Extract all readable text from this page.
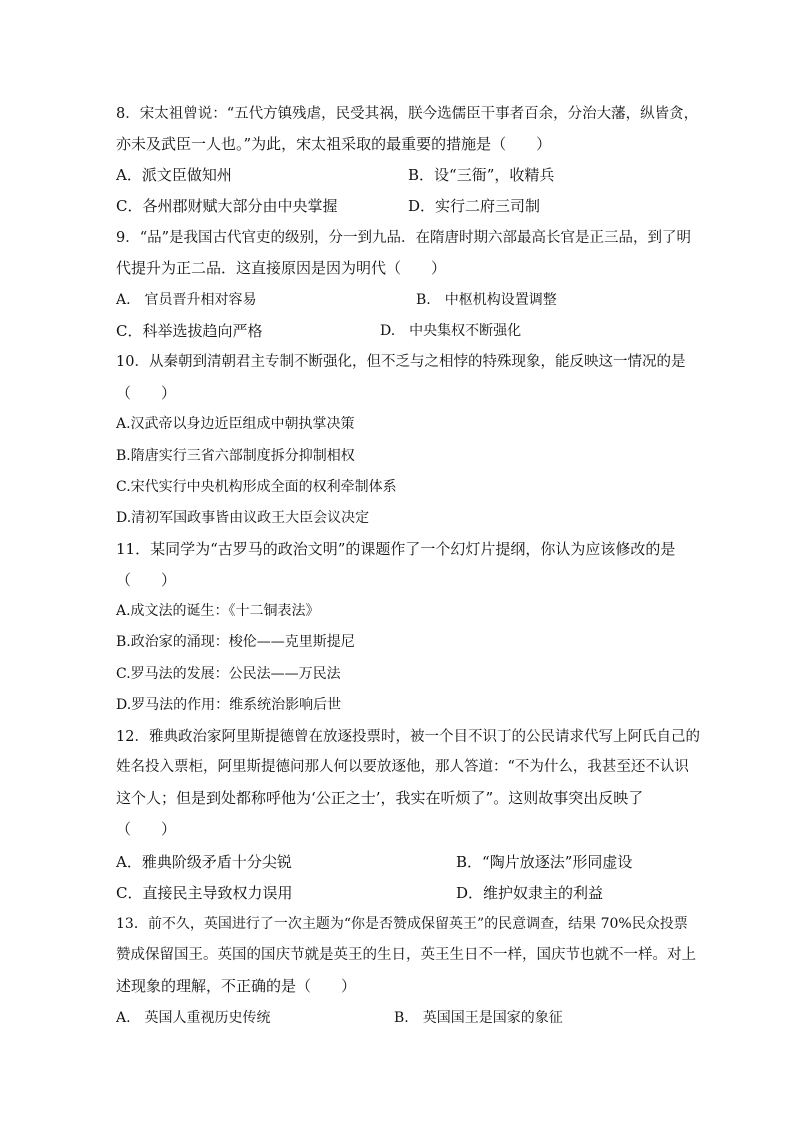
8．宋太祖曾说：“五代方镇残虐，民受其祸，朕今选儒臣干事者百余，分治大藩，纵皆贪，
亦未及武臣一人也。”为此，宋太祖采取的最重要的措施是（　　）
A．派文臣做知州	B．设“三衙”，收精兵
C．各州郡财赋大部分由中央掌握	D．实行二府三司制
9．“品”是我国古代官吏的级别，分一到九品．在隋唐时期六部最高长官是正三品，到了明
代提升为正二品．这直接原因是因为明代（　　）
A.　官员晋升相对容易	B.　中枢机构设置调整
C．科举选拔趋向严格	D.　中央集权不断强化
10．从秦朝到清朝君主专制不断强化，但不乏与之相悖的特殊现象，能反映这一情况的是
（　　）
A.汉武帝以身边近臣组成中朝执掌决策
B.隋唐实行三省六部制度拆分抑制相权
C.宋代实行中央机构形成全面的权利牵制体系
D.清初军国政事皆由议政王大臣会议决定
11．某同学为“古罗马的政治文明”的课题作了一个幻灯片提纲，你认为应该修改的是
（　　）
A.成文法的诞生：《十二铜表法》
B.政治家的涌现：梭伦——克里斯提尼
C.罗马法的发展：公民法——万民法
D.罗马法的作用：维系统治影响后世
12．雅典政治家阿里斯提德曾在放逐投票时，被一个目不识丁的公民请求代写上阿氏自己的
姓名投入票柜，阿里斯提德问那人何以要放逐他，那人答道：“不为什么，我甚至还不认识
这个人；但是到处都称呼他为‘公正之士’，我实在听烦了”。这则故事突出反映了
（　　）
A．雅典阶级矛盾十分尖锐	B．“陶片放逐法”形同虚设
C．直接民主导致权力误用	D．维护奴隶主的利益
13．前不久，英国进行了一次主题为“你是否赞成保留英王”的民意调查，结果 70%民众投票
赞成保留国王。英国的国庆节就是英王的生日，英王生日不一样，国庆节也就不一样。对上
述现象的理解，不正确的是（　　）
A.　英国人重视历史传统	B.　英国国王是国家的象征
